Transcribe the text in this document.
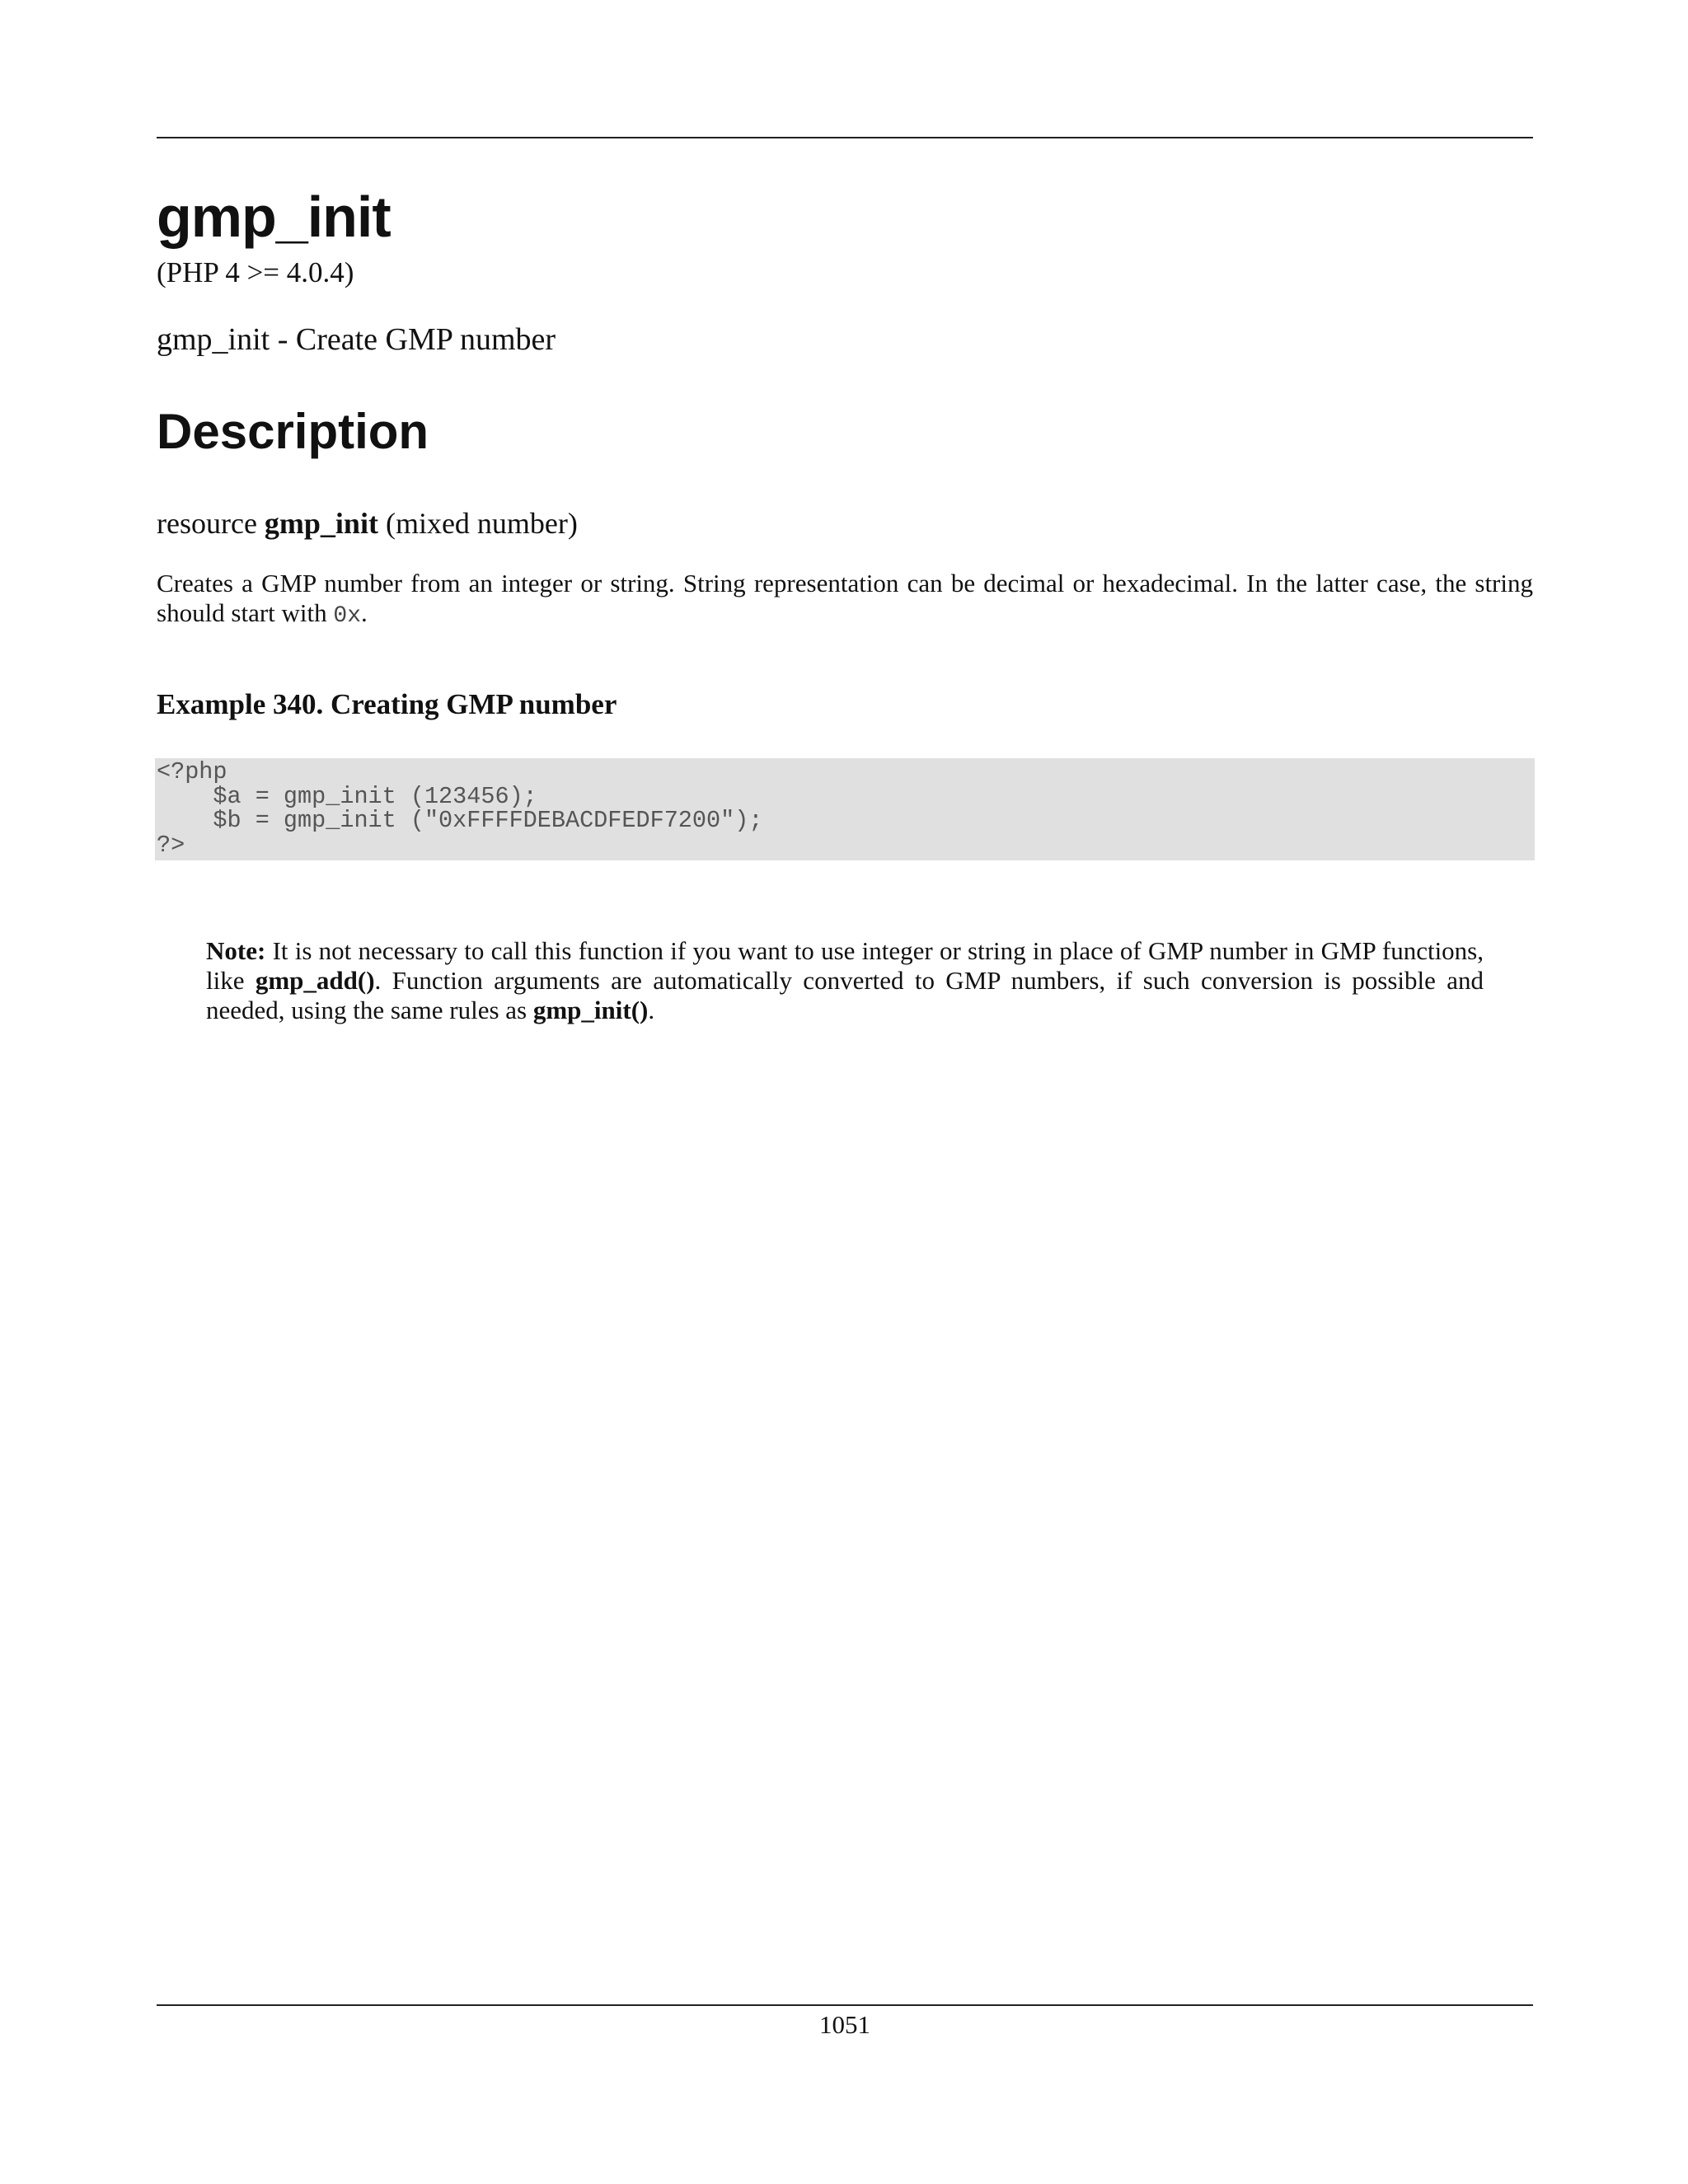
gmp_init
(PHP 4 >= 4.0.4)
gmp_init - Create GMP number
Description
resource gmp_init (mixed number)
Creates a GMP number from an integer or string. String representation can be decimal or hexadecimal. In the latter case, the string should start with 0x.
Example 340. Creating GMP number
<?php
$a = gmp_init (123456);
$b = gmp_init ("0xFFFFDEBACDFEDF7200");
?>
Note: It is not necessary to call this function if you want to use integer or string in place of GMP number in GMP functions, like gmp_add(). Function arguments are automatically converted to GMP numbers, if such conversion is possible and needed, using the same rules as gmp_init().
1051
